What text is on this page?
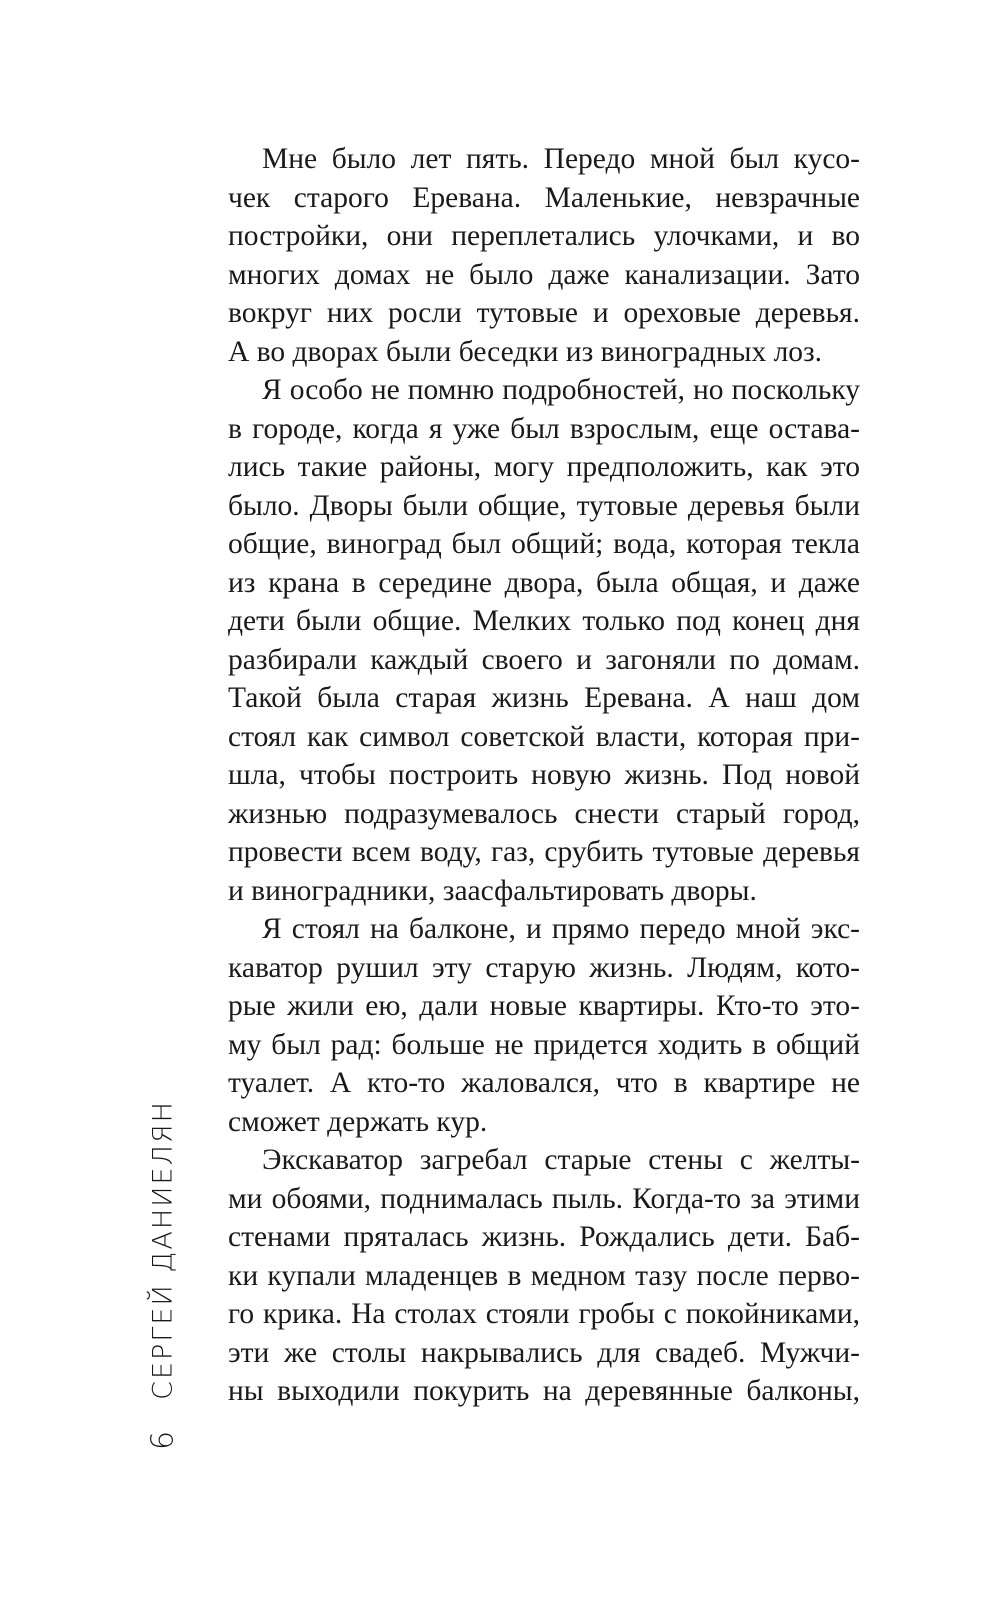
Мне было лет пять. Передо мной был кусо-
чек старого Еревана. Маленькие, невзрачные
постройки, они переплетались улочками, и во
многих домах не было даже канализации. Зато
вокруг них росли тутовые и ореховые деревья.
А во дворах были беседки из виноградных лоз.
Я особо не помню подробностей, но поскольку
в городе, когда я уже был взрослым, еще остава-
лись такие районы, могу предположить, как это
было. Дворы были общие, тутовые деревья были
общие, виноград был общий; вода, которая текла
из крана в середине двора, была общая, и даже
дети были общие. Мелких только под конец дня
разбирали каждый своего и загоняли по домам.
Такой была старая жизнь Еревана. А наш дом
стоял как символ советской власти, которая при-
шла, чтобы построить новую жизнь. Под новой
жизнью подразумевалось снести старый город,
провести всем воду, газ, срубить тутовые деревья
и виноградники, заасфальтировать дворы.
Я стоял на балконе, и прямо передо мной экс-
каватор рушил эту старую жизнь. Людям, кото-
рые жили ею, дали новые квартиры. Кто-то это-
му был рад: больше не придется ходить в общий
туалет. А кто-то жаловался, что в квартире не
сможет держать кур.
Экскаватор загребал старые стены с желты-
ми обоями, поднималась пыль. Когда-то за этими
стенами пряталась жизнь. Рождались дети. Баб-
ки купали младенцев в медном тазу после перво-
го крика. На столах стояли гробы с покойниками,
эти же столы накрывались для свадеб. Мужчи-
ны выходили покурить на деревянные балконы,
6
СЕРГЕЙ ДАНИЕЛЯН
